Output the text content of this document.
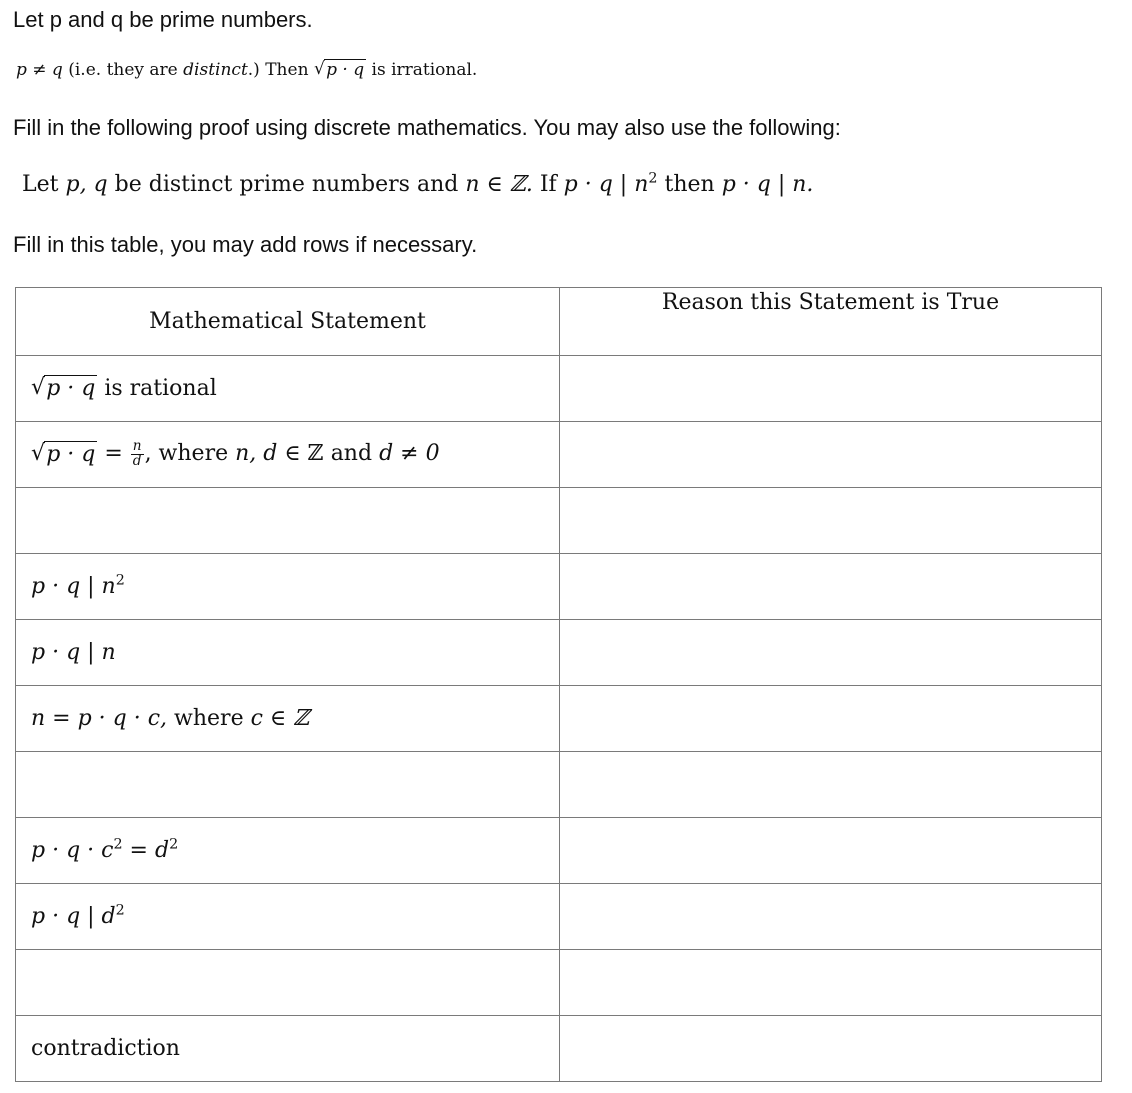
Let p and q be prime numbers.
p ≠ q (i.e. they are distinct.) Then √ p · q is irrational.
Fill in the following proof using discrete mathematics. You may also use the following:
Let p, q be distinct prime numbers and n ∈ ℤ. If p · q | $n^2$ then p · q | n.
Fill in this table, you may add rows if necessary.
Mathematical Statement	Reason this Statement is True
√ p · q is rational	
√ $p \cdot q = \frac{n}{d}$ , where n, d ∈ ℤ and d ≠ 0	

p · q | $n^2$	
p · q | n	
n = p · q · c, where c ∈ ℤ	

$p \cdot q \cdot c^2 = d^2$	
p · q | $d^2$	

contradiction	
